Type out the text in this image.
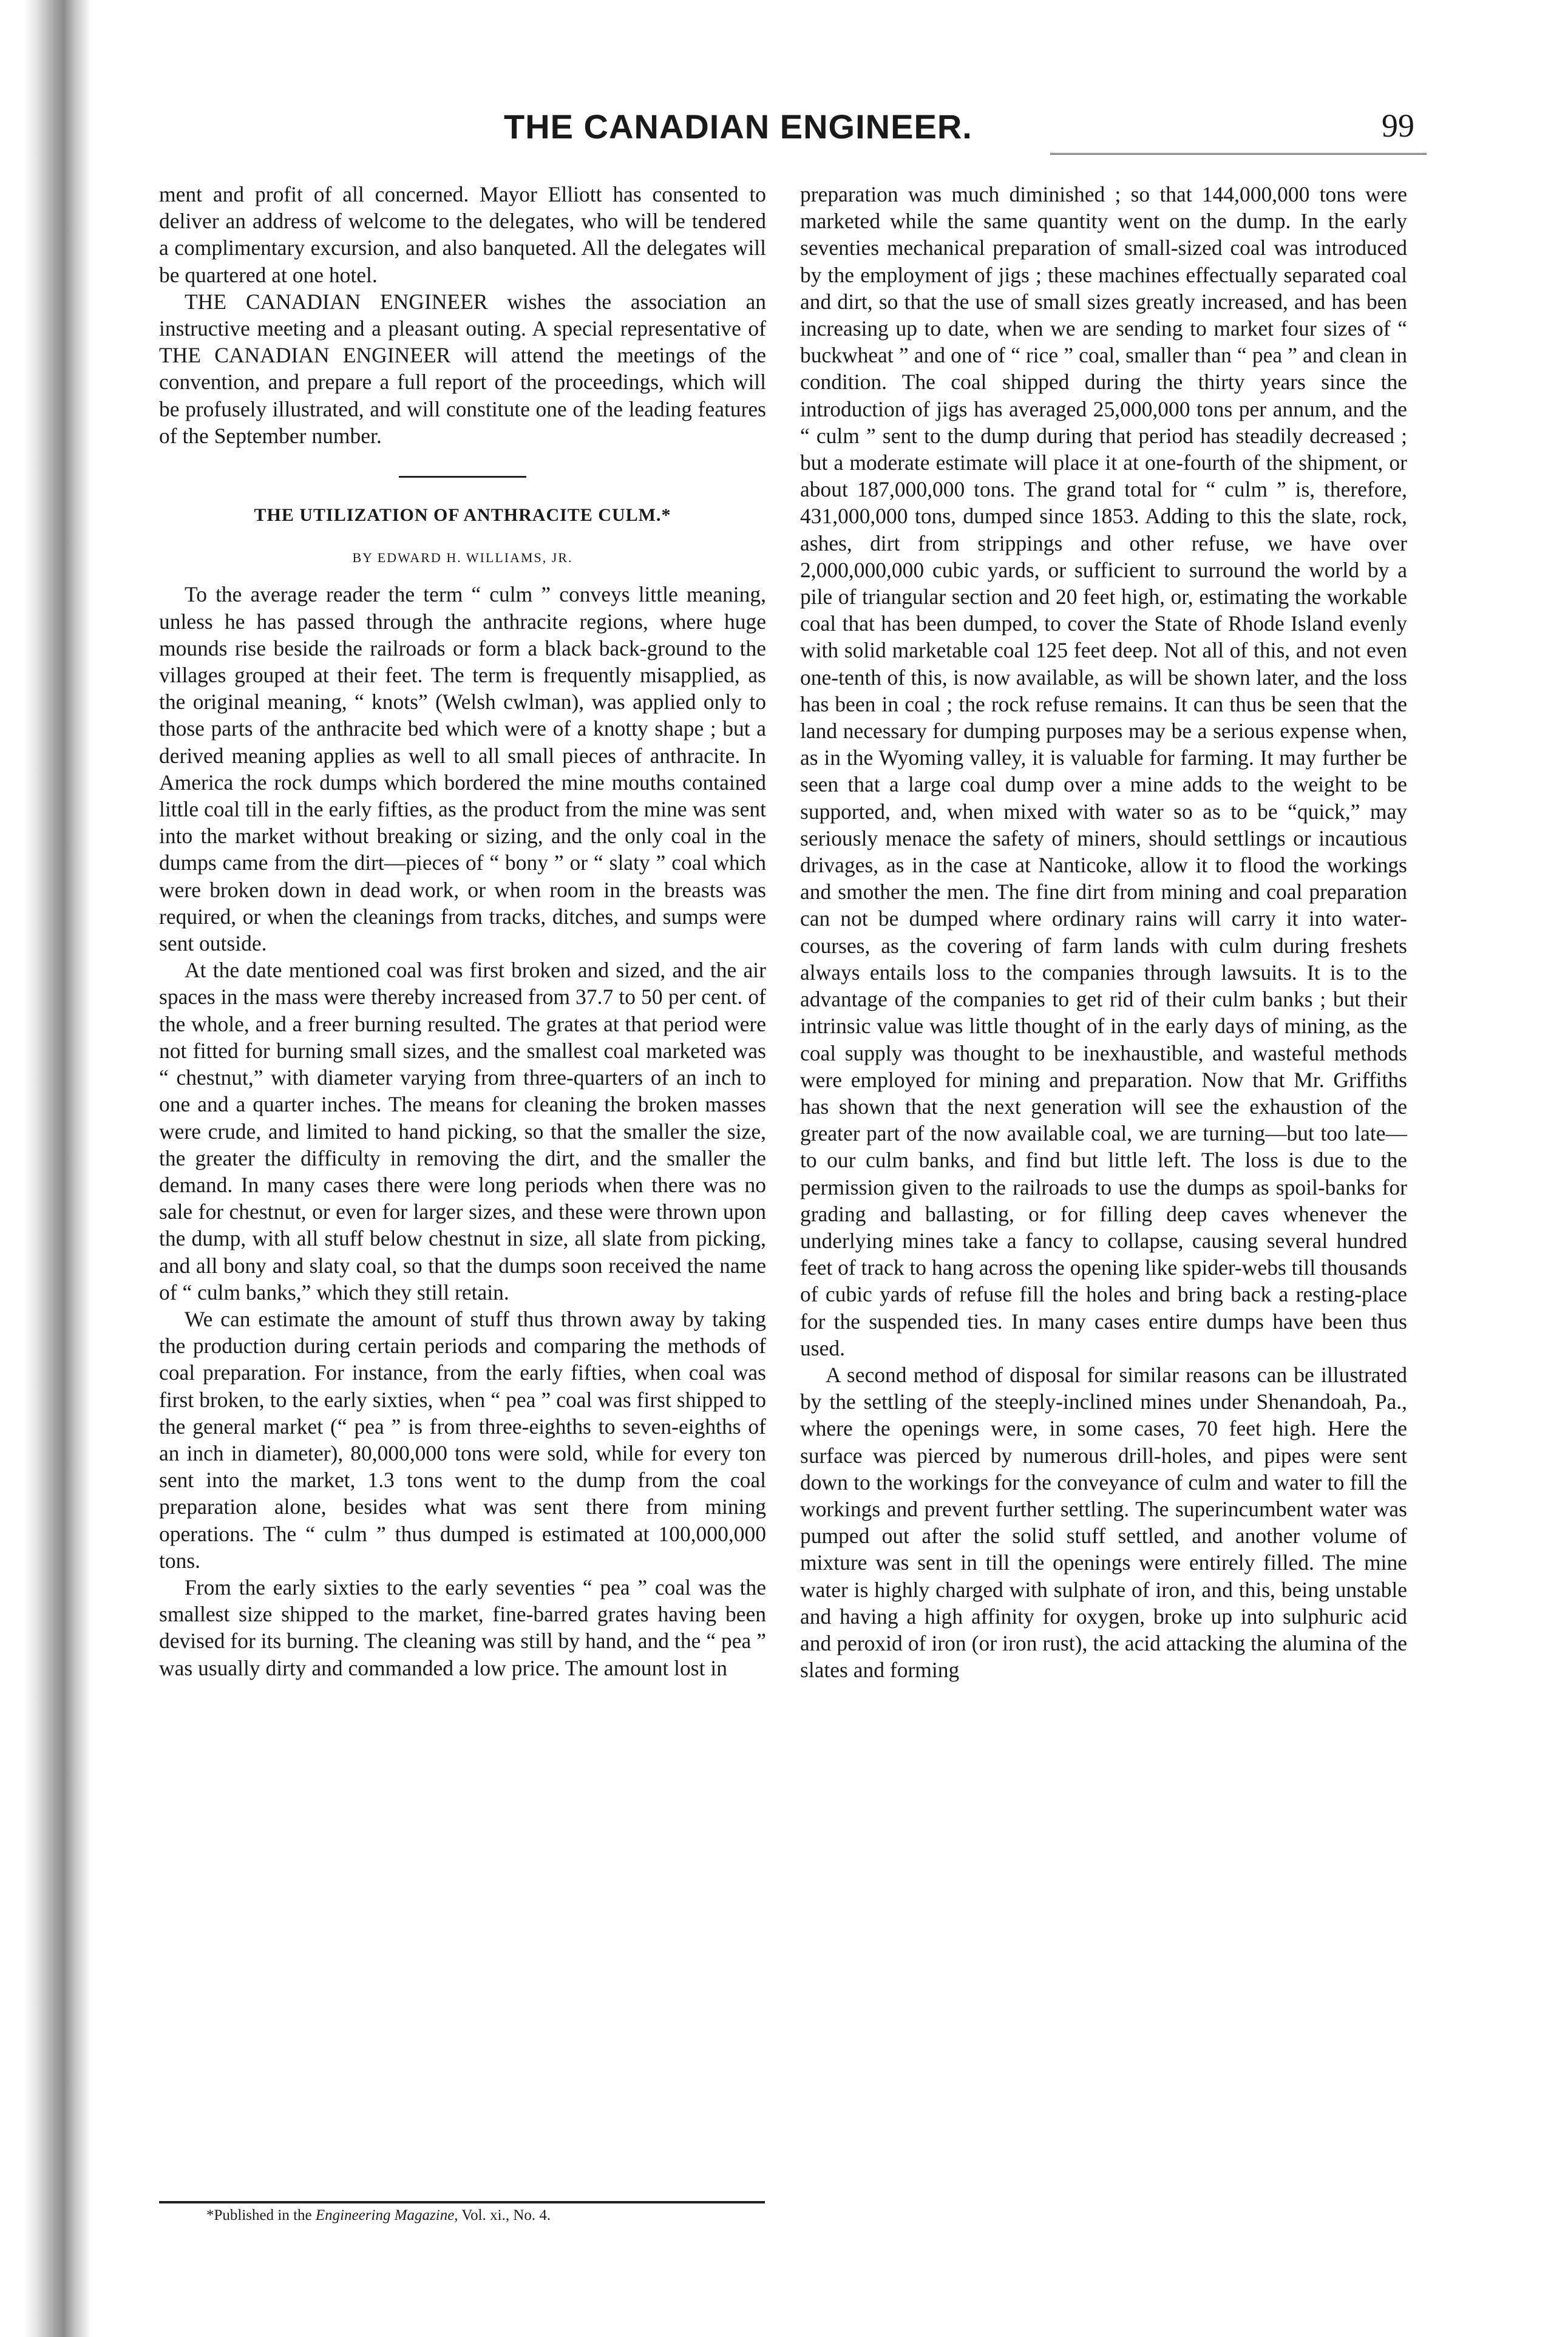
THE CANADIAN ENGINEER.	99

ment and profit of all concerned. Mayor Elliott has consented to deliver an address of welcome to the delegates, who will be tendered a complimentary excursion, and also banqueted. All the delegates will be quartered at one hotel.

THE CANADIAN ENGINEER wishes the association an instructive meeting and a pleasant outing. A special representative of THE CANADIAN ENGINEER will attend the meetings of the convention, and prepare a full report of the proceedings, which will be profusely illustrated, and will constitute one of the leading features of the September number.

THE UTILIZATION OF ANTHRACITE CULM.*
BY EDWARD H. WILLIAMS, JR.

To the average reader the term “ culm ” conveys little meaning, unless he has passed through the anthracite regions, where huge mounds rise beside the railroads or form a black back-ground to the villages grouped at their feet. The term is frequently misapplied, as the original meaning, “ knots” (Welsh cwlman), was applied only to those parts of the anthracite bed which were of a knotty shape ; but a derived meaning applies as well to all small pieces of anthracite. In America the rock dumps which bordered the mine mouths contained little coal till in the early fifties, as the product from the mine was sent into the market without breaking or sizing, and the only coal in the dumps came from the dirt—pieces of “ bony ” or “ slaty ” coal which were broken down in dead work, or when room in the breasts was required, or when the cleanings from tracks, ditches, and sumps were sent outside.

At the date mentioned coal was first broken and sized, and the air spaces in the mass were thereby increased from 37.7 to 50 per cent. of the whole, and a freer burning resulted. The grates at that period were not fitted for burning small sizes, and the smallest coal marketed was “ chestnut,” with diameter varying from three-quarters of an inch to one and a quarter inches. The means for cleaning the broken masses were crude, and limited to hand picking, so that the smaller the size, the greater the difficulty in removing the dirt, and the smaller the demand. In many cases there were long periods when there was no sale for chestnut, or even for larger sizes, and these were thrown upon the dump, with all stuff below chestnut in size, all slate from picking, and all bony and slaty coal, so that the dumps soon received the name of “ culm banks,” which they still retain.

We can estimate the amount of stuff thus thrown away by taking the production during certain periods and comparing the methods of coal preparation. For instance, from the early fifties, when coal was first broken, to the early sixties, when “ pea ” coal was first shipped to the general market (“ pea ” is from three-eighths to seven-eighths of an inch in diameter), 80,000,000 tons were sold, while for every ton sent into the market, 1.3 tons went to the dump from the coal preparation alone, besides what was sent there from mining operations. The “ culm ” thus dumped is estimated at 100,000,000 tons.

From the early sixties to the early seventies “ pea ” coal was the smallest size shipped to the market, fine-barred grates having been devised for its burning. The cleaning was still by hand, and the “ pea ” was usually dirty and commanded a low price. The amount lost in

*Published in the Engineering Magazine, Vol. xi., No. 4.

preparation was much diminished ; so that 144,000,000 tons were marketed while the same quantity went on the dump. In the early seventies mechanical preparation of small-sized coal was introduced by the employment of jigs ; these machines effectually separated coal and dirt, so that the use of small sizes greatly increased, and has been increasing up to date, when we are sending to market four sizes of “ buckwheat ” and one of “ rice ” coal, smaller than “ pea ” and clean in condition. The coal shipped during the thirty years since the introduction of jigs has averaged 25,000,000 tons per annum, and the “ culm ” sent to the dump during that period has steadily decreased ; but a moderate estimate will place it at one-fourth of the shipment, or about 187,000,000 tons. The grand total for “ culm ” is, therefore, 431,000,000 tons, dumped since 1853. Adding to this the slate, rock, ashes, dirt from strippings and other refuse, we have over 2,000,000,000 cubic yards, or sufficient to surround the world by a pile of triangular section and 20 feet high, or, estimating the workable coal that has been dumped, to cover the State of Rhode Island evenly with solid marketable coal 125 feet deep. Not all of this, and not even one-tenth of this, is now available, as will be shown later, and the loss has been in coal ; the rock refuse remains. It can thus be seen that the land necessary for dumping purposes may be a serious expense when, as in the Wyoming valley, it is valuable for farming. It may further be seen that a large coal dump over a mine adds to the weight to be supported, and, when mixed with water so as to be “quick,” may seriously menace the safety of miners, should settlings or incautious drivages, as in the case at Nanticoke, allow it to flood the workings and smother the men. The fine dirt from mining and coal preparation can not be dumped where ordinary rains will carry it into water-courses, as the covering of farm lands with culm during freshets always entails loss to the companies through lawsuits. It is to the advantage of the companies to get rid of their culm banks ; but their intrinsic value was little thought of in the early days of mining, as the coal supply was thought to be inexhaustible, and wasteful methods were employed for mining and preparation. Now that Mr. Griffiths has shown that the next generation will see the exhaustion of the greater part of the now available coal, we are turning—but too late—to our culm banks, and find but little left. The loss is due to the permission given to the railroads to use the dumps as spoil-banks for grading and ballasting, or for filling deep caves whenever the underlying mines take a fancy to collapse, causing several hundred feet of track to hang across the opening like spider-webs till thousands of cubic yards of refuse fill the holes and bring back a resting-place for the suspended ties. In many cases entire dumps have been thus used.

A second method of disposal for similar reasons can be illustrated by the settling of the steeply-inclined mines under Shenandoah, Pa., where the openings were, in some cases, 70 feet high. Here the surface was pierced by numerous drill-holes, and pipes were sent down to the workings for the conveyance of culm and water to fill the workings and prevent further settling. The superincumbent water was pumped out after the solid stuff settled, and another volume of mixture was sent in till the openings were entirely filled. The mine water is highly charged with sulphate of iron, and this, being unstable and having a high affinity for oxygen, broke up into sulphuric acid and peroxid of iron (or iron rust), the acid attacking the alumina of the slates and forming
